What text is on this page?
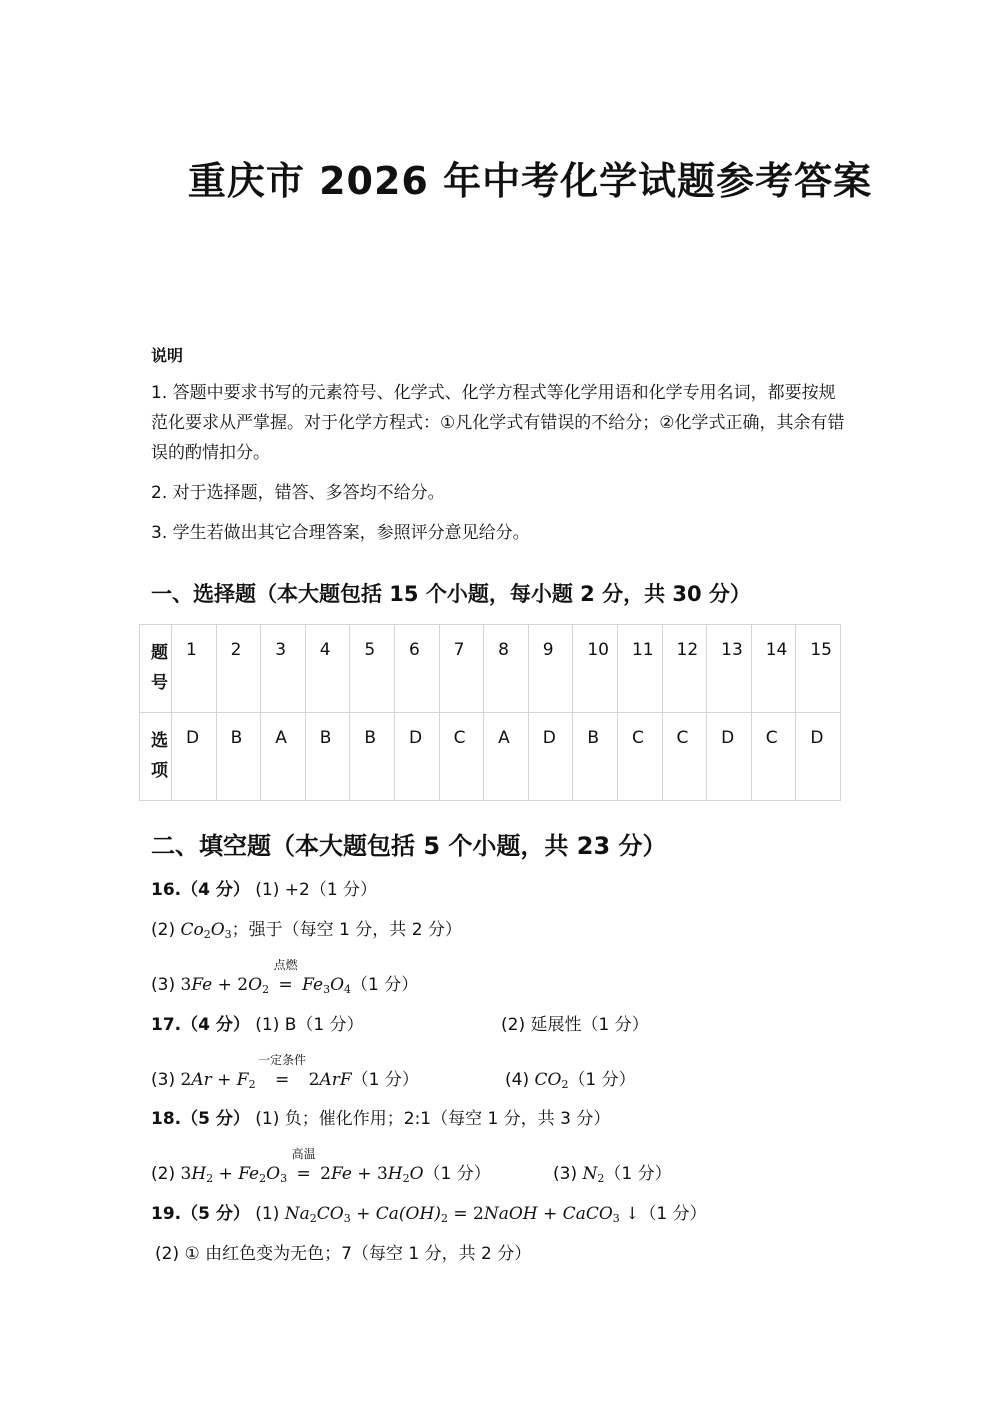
重庆市 2026 年中考化学试题参考答案
说明
1. 答题中要求书写的元素符号、化学式、化学方程式等化学用语和化学专用名词，都要按规范化要求从严掌握。对于化学方程式：①凡化学式有错误的不给分；②化学式正确，其余有错误的酌情扣分。
2. 对于选择题，错答、多答均不给分。
3. 学生若做出其它合理答案，参照评分意见给分。
一、选择题（本大题包括 15 个小题，每小题 2 分，共 30 分）
题号	1	2	3	4	5	6	7	8	9	10	11	12	13	14	15
选项	D	B	A	B	B	D	C	A	D	B	C	C	D	C	D
二、填空题（本大题包括 5 个小题，共 23 分）
16.（4 分） (1) +2（1 分）
(2) $Co_2O_3$；强于（每空 1 分，共 2 分）
(3) $3Fe + 2O_2$
点燃
= $Fe_3O_4(1$ 分）
17.（4 分） (1) B（1 分）	(2) 延展性（1 分）
(3) $2Ar + F_2$
一定条件
= 2ArF（1 分）	(4) $CO_2(1$ 分）
18.（5 分） (1) 负；催化作用；2:1（每空 1 分，共 3 分）
(2) $3H_2 + Fe_2O_3$
高温
= $2Fe + 3H_2O(1$ 分）	(3) $N_2(1$ 分）
19.（5 分） (1) $Na_2CO_3 + Ca(OH)_2$ = 2NaOH + CaCO$_3$ ↓（1 分）
(2) ① 由红色变为无色；7（每空 1 分，共 2 分）
